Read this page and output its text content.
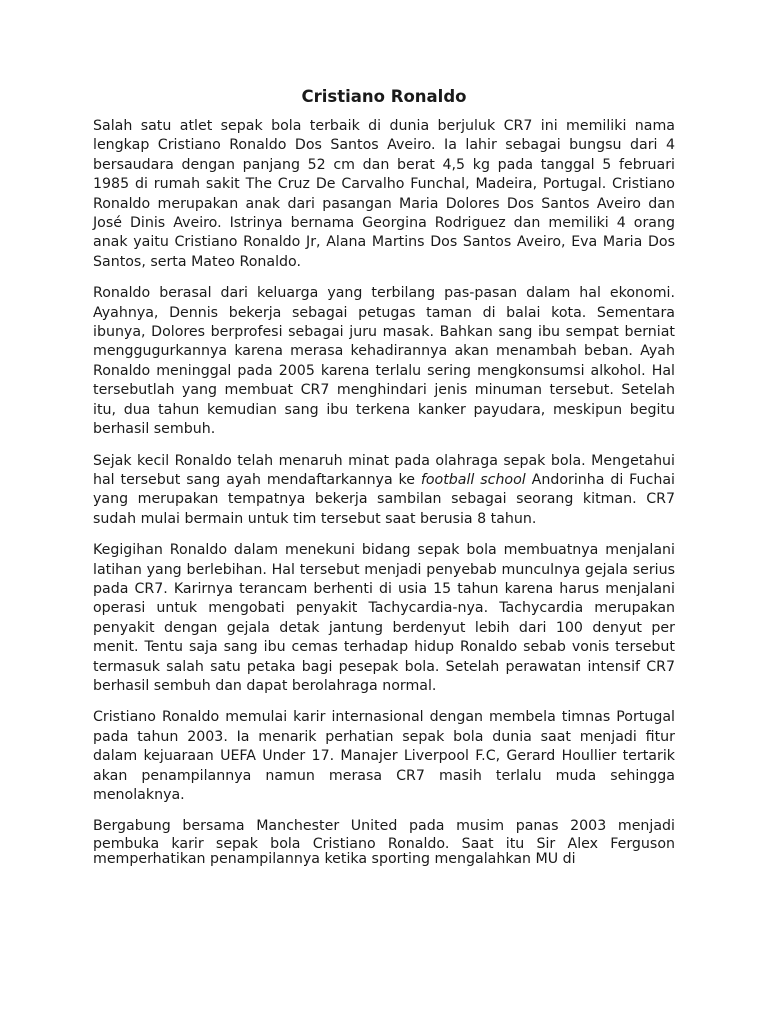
Cristiano Ronaldo

Salah satu atlet sepak bola terbaik di dunia berjuluk CR7 ini memiliki nama lengkap Cristiano Ronaldo Dos Santos Aveiro. Ia lahir sebagai bungsu dari 4 bersaudara dengan panjang 52 cm dan berat 4,5 kg pada tanggal 5 februari 1985 di rumah sakit The Cruz De Carvalho Funchal, Madeira, Portugal. Cristiano Ronaldo merupakan anak dari pasangan Maria Dolores Dos Santos Aveiro dan José Dinis Aveiro. Istrinya bernama Georgina Rodriguez dan memiliki 4 orang anak yaitu Cristiano Ronaldo Jr, Alana Martins Dos Santos Aveiro, Eva Maria Dos Santos, serta Mateo Ronaldo.

Ronaldo berasal dari keluarga yang terbilang pas-pasan dalam hal ekonomi. Ayahnya, Dennis bekerja sebagai petugas taman di balai kota. Sementara ibunya, Dolores berprofesi sebagai juru masak. Bahkan sang ibu sempat berniat menggugurkannya karena merasa kehadirannya akan menambah beban. Ayah Ronaldo meninggal pada 2005 karena terlalu sering mengkonsumsi alkohol. Hal tersebutlah yang membuat CR7 menghindari jenis minuman tersebut. Setelah itu, dua tahun kemudian sang ibu terkena kanker payudara, meskipun begitu berhasil sembuh.

Sejak kecil Ronaldo telah menaruh minat pada olahraga sepak bola. Mengetahui hal tersebut sang ayah mendaftarkannya ke football school Andorinha di Fuchai yang merupakan tempatnya bekerja sambilan sebagai seorang kitman. CR7 sudah mulai bermain untuk tim tersebut saat berusia 8 tahun.

Kegigihan Ronaldo dalam menekuni bidang sepak bola membuatnya menjalani latihan yang berlebihan. Hal tersebut menjadi penyebab munculnya gejala serius pada CR7. Karirnya terancam berhenti di usia 15 tahun karena harus menjalani operasi untuk mengobati penyakit Tachycardia-nya. Tachycardia merupakan penyakit dengan gejala detak jantung berdenyut lebih dari 100 denyut per menit. Tentu saja sang ibu cemas terhadap hidup Ronaldo sebab vonis tersebut termasuk salah satu petaka bagi pesepak bola. Setelah perawatan intensif CR7 berhasil sembuh dan dapat berolahraga normal.

Cristiano Ronaldo memulai karir internasional dengan membela timnas Portugal pada tahun 2003. Ia menarik perhatian sepak bola dunia saat menjadi fitur dalam kejuaraan UEFA Under 17. Manajer Liverpool F.C, Gerard Houllier tertarik akan penampilannya namun merasa CR7 masih terlalu muda sehingga menolaknya.

Bergabung bersama Manchester United pada musim panas 2003 menjadi pembuka karir sepak bola Cristiano Ronaldo. Saat itu Sir Alex Ferguson memperhatikan penampilannya ketika sporting mengalahkan MU di
